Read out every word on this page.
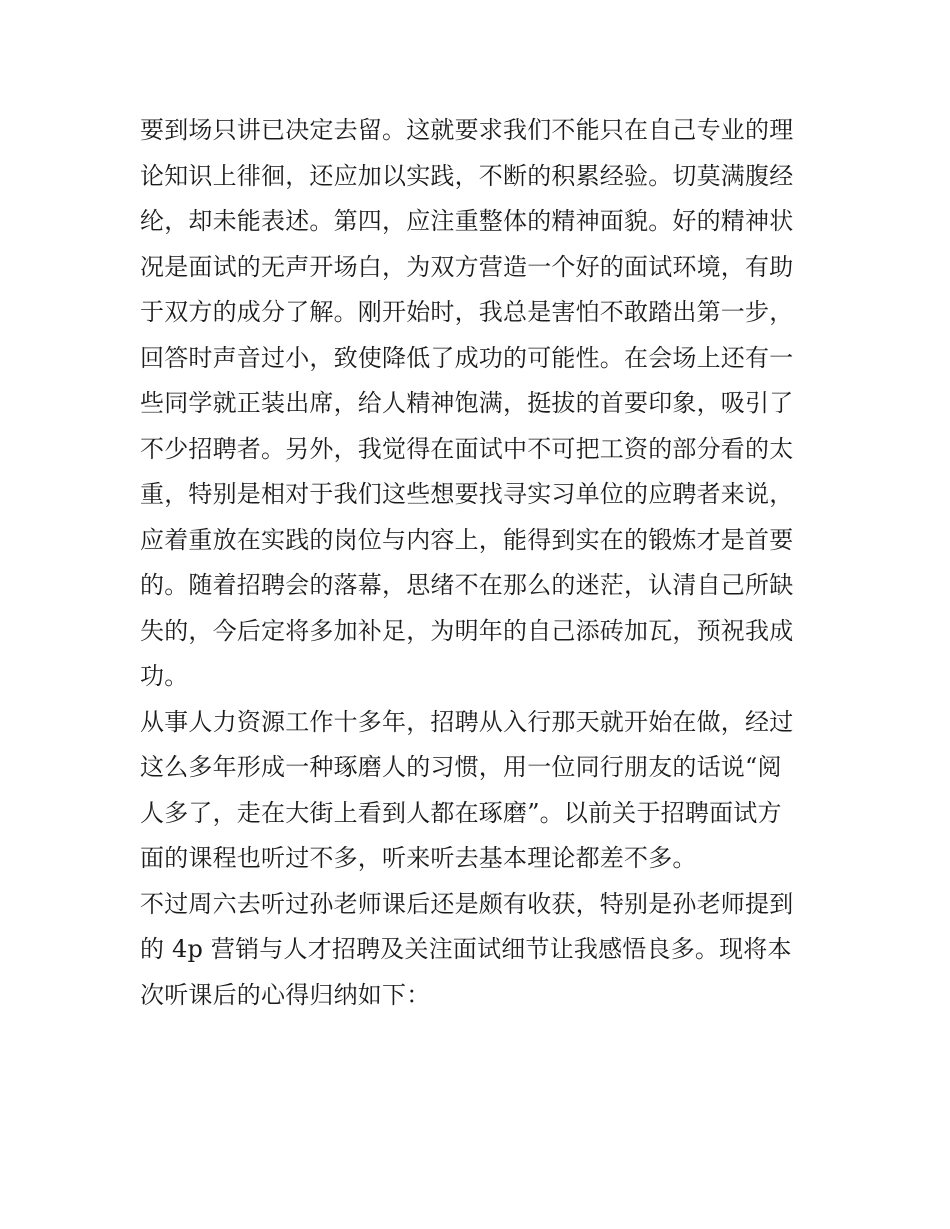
要到场只讲已决定去留。这就要求我们不能只在自己专业的理
论知识上徘徊，还应加以实践，不断的积累经验。切莫满腹经
纶，却未能表述。第四，应注重整体的精神面貌。好的精神状
况是面试的无声开场白，为双方营造一个好的面试环境，有助
于双方的成分了解。刚开始时，我总是害怕不敢踏出第一步，
回答时声音过小，致使降低了成功的可能性。在会场上还有一
些同学就正装出席，给人精神饱满，挺拔的首要印象，吸引了
不少招聘者。另外，我觉得在面试中不可把工资的部分看的太
重，特别是相对于我们这些想要找寻实习单位的应聘者来说，
应着重放在实践的岗位与内容上，能得到实在的锻炼才是首要
的。随着招聘会的落幕，思绪不在那么的迷茫，认清自己所缺
失的，今后定将多加补足，为明年的自己添砖加瓦，预祝我成
功。
从事人力资源工作十多年，招聘从入行那天就开始在做，经过
这么多年形成一种琢磨人的习惯，用一位同行朋友的话说“阅
人多了，走在大街上看到人都在琢磨”。以前关于招聘面试方
面的课程也听过不多，听来听去基本理论都差不多。
不过周六去听过孙老师课后还是颇有收获，特别是孙老师提到
的 4p 营销与人才招聘及关注面试细节让我感悟良多。现将本
次听课后的心得归纳如下：
